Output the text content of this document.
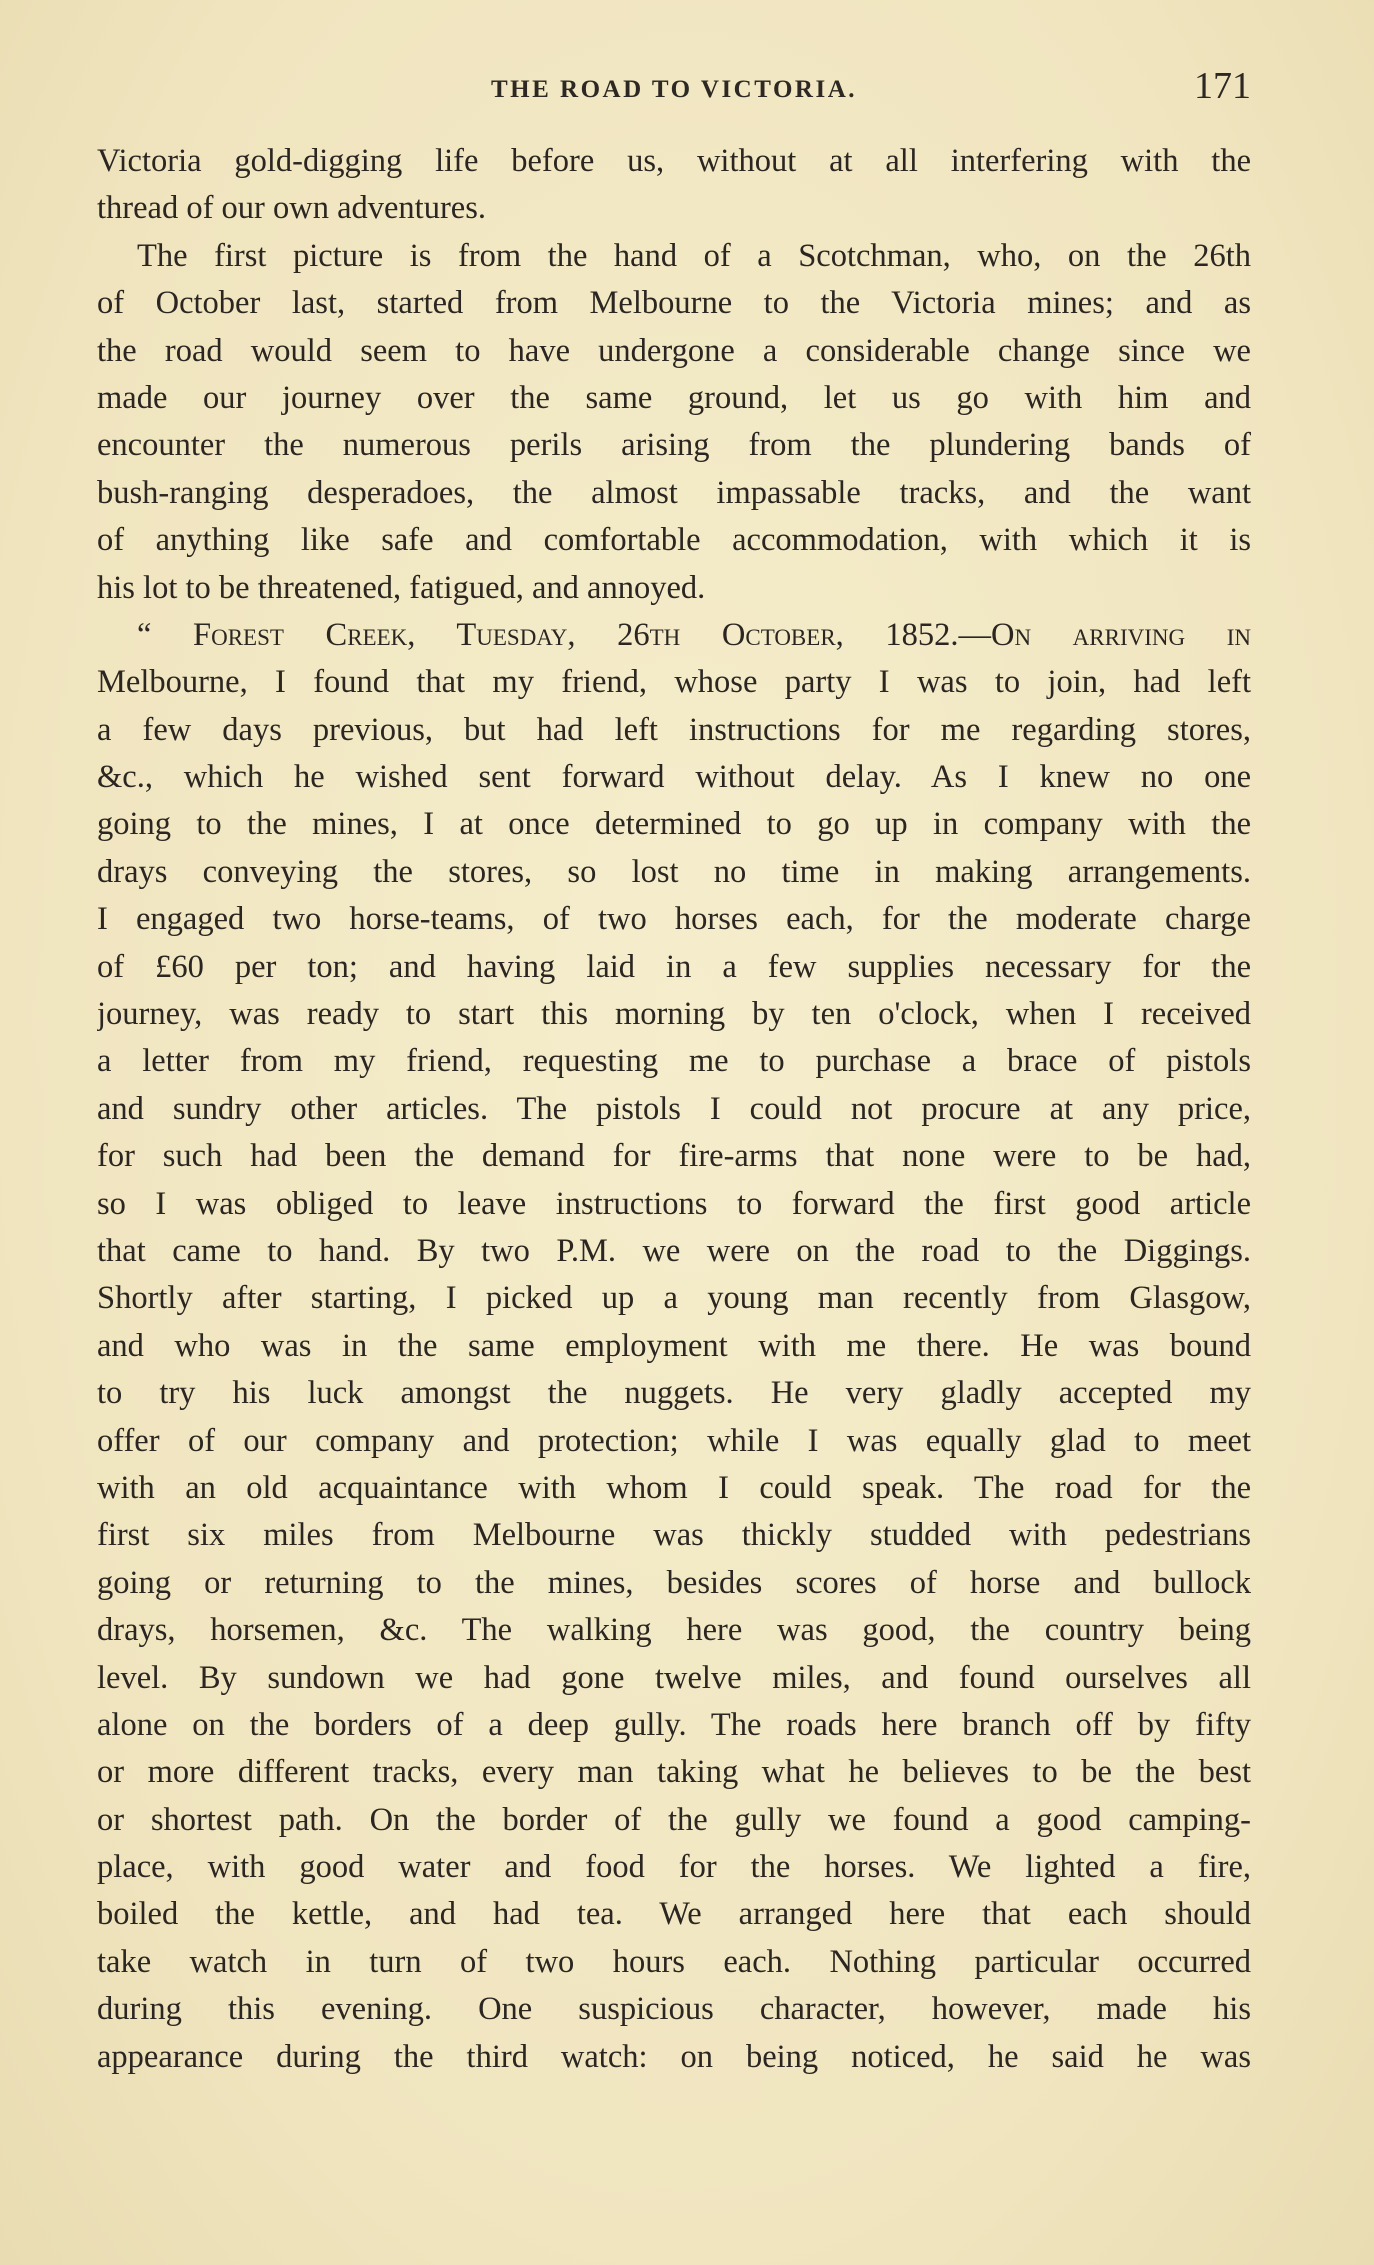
THE ROAD TO VICTORIA.	171
Victoria gold-digging life before us, without at all interfering with the
thread of our own adventures.
The first picture is from the hand of a Scotchman, who, on the 26th
of October last, started from Melbourne to the Victoria mines; and as
the road would seem to have undergone a considerable change since we
made our journey over the same ground, let us go with him and
encounter the numerous perils arising from the plundering bands of
bush-ranging desperadoes, the almost impassable tracks, and the want
of anything like safe and comfortable accommodation, with which it is
his lot to be threatened, fatigued, and annoyed.
“ Forest Creek, Tuesday, 26th October, 1852.—On arriving in
Melbourne, I found that my friend, whose party I was to join, had left
a few days previous, but had left instructions for me regarding stores,
&c., which he wished sent forward without delay. As I knew no one
going to the mines, I at once determined to go up in company with the
drays conveying the stores, so lost no time in making arrangements.
I engaged two horse-teams, of two horses each, for the moderate charge
of £60 per ton; and having laid in a few supplies necessary for the
journey, was ready to start this morning by ten o'clock, when I received
a letter from my friend, requesting me to purchase a brace of pistols
and sundry other articles. The pistols I could not procure at any price,
for such had been the demand for fire-arms that none were to be had,
so I was obliged to leave instructions to forward the first good article
that came to hand. By two P.M. we were on the road to the Diggings.
Shortly after starting, I picked up a young man recently from Glasgow,
and who was in the same employment with me there. He was bound
to try his luck amongst the nuggets. He very gladly accepted my
offer of our company and protection; while I was equally glad to meet
with an old acquaintance with whom I could speak. The road for the
first six miles from Melbourne was thickly studded with pedestrians
going or returning to the mines, besides scores of horse and bullock
drays, horsemen, &c. The walking here was good, the country being
level. By sundown we had gone twelve miles, and found ourselves all
alone on the borders of a deep gully. The roads here branch off by fifty
or more different tracks, every man taking what he believes to be the best
or shortest path. On the border of the gully we found a good camping-
place, with good water and food for the horses. We lighted a fire,
boiled the kettle, and had tea. We arranged here that each should
take watch in turn of two hours each. Nothing particular occurred
during this evening. One suspicious character, however, made his
appearance during the third watch: on being noticed, he said he was
